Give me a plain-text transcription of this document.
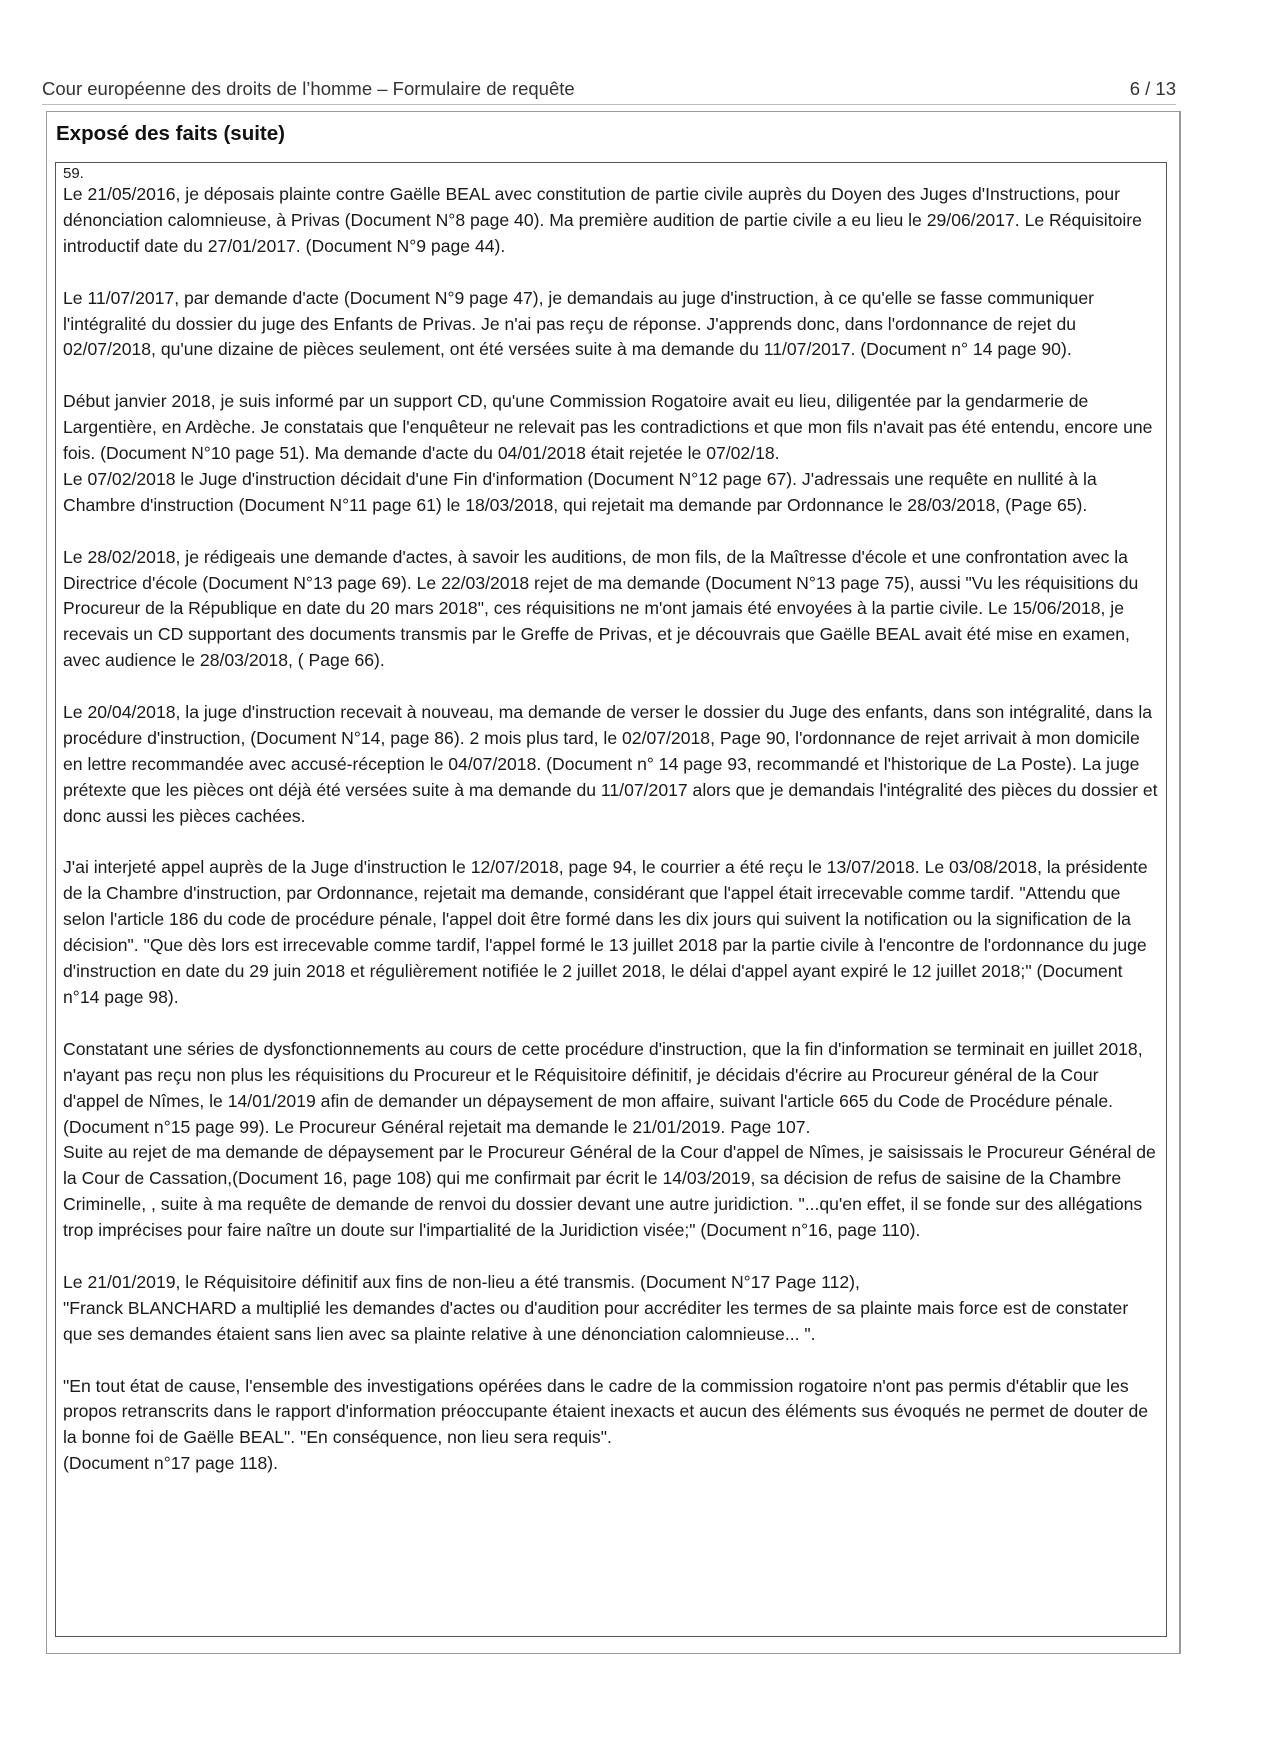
Cour européenne des droits de l’homme – Formulaire de requête	6 / 13
Exposé des faits (suite)

59.

Le 21/05/2016, je déposais plainte contre Gaëlle BEAL avec constitution de partie civile auprès du Doyen des Juges d'Instructions, pour dénonciation calomnieuse, à Privas (Document N°8 page 40). Ma première audition de partie civile a eu lieu le 29/06/2017. Le Réquisitoire introductif date du 27/01/2017. (Document N°9 page 44).

Le 11/07/2017, par demande d'acte (Document N°9 page 47), je demandais au juge d'instruction, à ce qu'elle se fasse communiquer l'intégralité du dossier du juge des Enfants de Privas. Je n'ai pas reçu de réponse. J'apprends donc, dans l'ordonnance de rejet du 02/07/2018, qu'une dizaine de pièces seulement, ont été versées suite à ma demande du 11/07/2017. (Document n° 14 page 90).

Début janvier 2018, je suis informé par un support CD, qu'une Commission Rogatoire avait eu lieu, diligentée par la gendarmerie de Largentière, en Ardèche. Je constatais que l'enquêteur ne relevait pas les contradictions et que mon fils n'avait pas été entendu, encore une fois. (Document N°10 page 51). Ma demande d'acte du 04/01/2018 était rejetée le 07/02/18.

Le 07/02/2018 le Juge d'instruction décidait d'une Fin d'information (Document N°12 page 67). J'adressais une requête en nullité à la Chambre d'instruction (Document N°11 page 61) le 18/03/2018, qui rejetait ma demande par Ordonnance le 28/03/2018, (Page 65).

Le 28/02/2018, je rédigeais une demande d'actes, à savoir les auditions, de mon fils, de la Maîtresse d'école et une confrontation avec la Directrice d'école (Document N°13 page 69). Le 22/03/2018 rejet de ma demande (Document N°13 page 75), aussi "Vu les réquisitions du Procureur de la République en date du 20 mars 2018", ces réquisitions ne m'ont jamais été envoyées à la partie civile. Le 15/06/2018, je recevais un CD supportant des documents transmis par le Greffe de Privas, et je découvrais que Gaëlle BEAL avait été mise en examen, avec audience le 28/03/2018, ( Page 66).

Le 20/04/2018, la juge d'instruction recevait à nouveau, ma demande de verser le dossier du Juge des enfants, dans son intégralité, dans la procédure d'instruction, (Document N°14, page 86). 2 mois plus tard, le 02/07/2018, Page 90, l'ordonnance de rejet arrivait à mon domicile en lettre recommandée avec accusé-réception le 04/07/2018. (Document n° 14 page 93, recommandé et l'historique de La Poste). La juge prétexte que les pièces ont déjà été versées suite à ma demande du 11/07/2017 alors que je demandais l'intégralité des pièces du dossier et donc aussi les pièces cachées.

J'ai interjeté appel auprès de la Juge d'instruction le 12/07/2018, page 94, le courrier a été reçu le 13/07/2018. Le 03/08/2018, la présidente de la Chambre d'instruction, par Ordonnance, rejetait ma demande, considérant que l'appel était irrecevable comme tardif. "Attendu que selon l'article 186 du code de procédure pénale, l'appel doit être formé dans les dix jours qui suivent la notification ou la signification de la décision". "Que dès lors est irrecevable comme tardif, l'appel formé le 13 juillet 2018 par la partie civile à l'encontre de l'ordonnance du juge d'instruction en date du 29 juin 2018 et régulièrement notifiée le 2 juillet 2018, le délai d'appel ayant expiré le 12 juillet 2018;" (Document n°14 page 98).

Constatant une séries de dysfonctionnements au cours de cette procédure d'instruction, que la fin d'information se terminait en juillet 2018, n'ayant pas reçu non plus les réquisitions du Procureur et le Réquisitoire définitif, je décidais d'écrire au Procureur général de la Cour d'appel de Nîmes, le 14/01/2019 afin de demander un dépaysement de mon affaire, suivant l'article 665 du Code de Procédure pénale.(Document n°15 page 99). Le Procureur Général rejetait ma demande le 21/01/2019. Page 107.

Suite au rejet de ma demande de dépaysement par le Procureur Général de la Cour d'appel de Nîmes, je saisissais le Procureur Général de la Cour de Cassation,(Document 16, page 108) qui me confirmait par écrit le 14/03/2019, sa décision de refus de saisine de la Chambre Criminelle, , suite à ma requête de demande de renvoi du dossier devant une autre juridiction. "...qu'en effet, il se fonde sur des allégations trop imprécises pour faire naître un doute sur l'impartialité de la Juridiction visée;" (Document n°16, page 110).

Le 21/01/2019, le Réquisitoire définitif aux fins de non-lieu a été transmis. (Document N°17 Page 112),

"Franck BLANCHARD a multiplié les demandes d'actes ou d'audition pour accréditer les termes de sa plainte mais force est de constater que ses demandes étaient sans lien avec sa plainte relative à une dénonciation calomnieuse... ".

"En tout état de cause, l'ensemble des investigations opérées dans le cadre de la commission rogatoire n'ont pas permis d'établir que les propos retranscrits dans le rapport d'information préoccupante étaient inexacts et aucun des éléments sus évoqués ne permet de douter de la bonne foi de Gaëlle BEAL". "En conséquence, non lieu sera requis".

(Document n°17 page 118).
